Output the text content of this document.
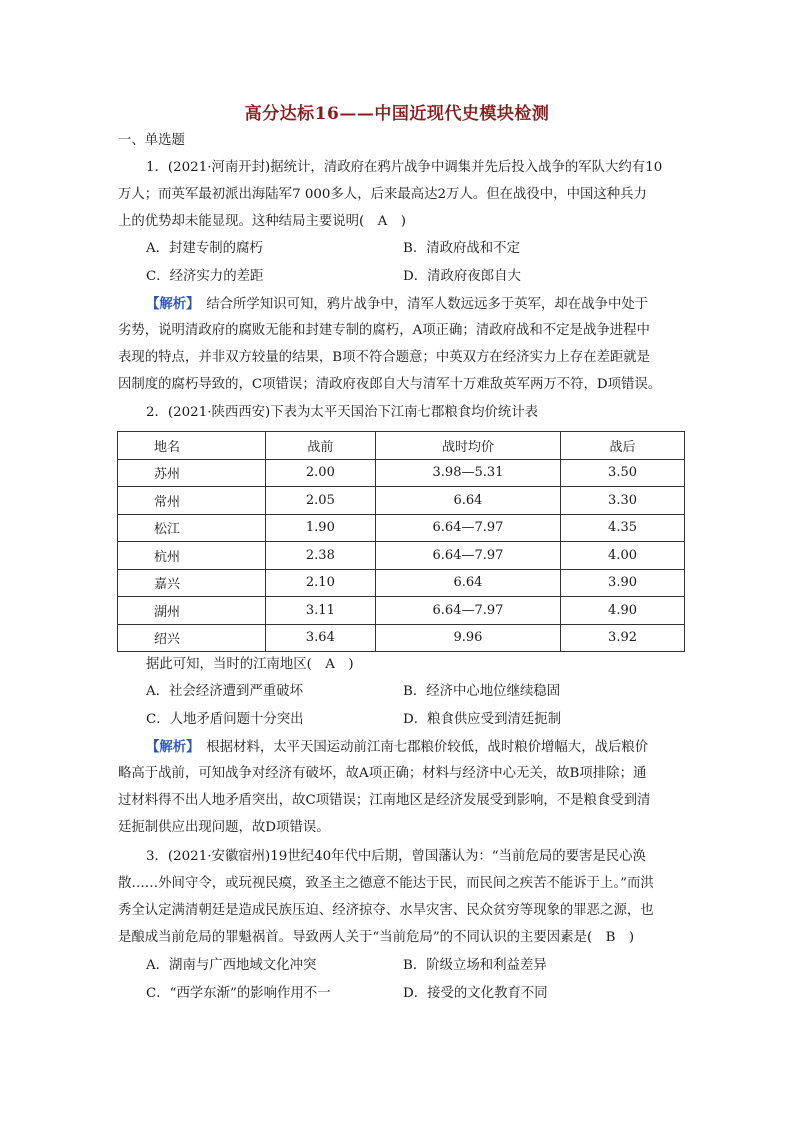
高分达标16——中国近现代史模块检测
一、单选题
1．(2021·河南开封)据统计，清政府在鸦片战争中调集并先后投入战争的军队大约有10
万人；而英军最初派出海陆军7 000多人，后来最高达2万人。但在战役中，中国这种兵力
上的优势却未能显现。这种结局主要说明(　A　)
A．封建专制的腐朽	B．清政府战和不定
C．经济实力的差距	D．清政府夜郎自大
【解析】　结合所学知识可知，鸦片战争中，清军人数远远多于英军，却在战争中处于
劣势，说明清政府的腐败无能和封建专制的腐朽，A项正确；清政府战和不定是战争进程中
表现的特点，并非双方较量的结果，B项不符合题意；中英双方在经济实力上存在差距就是
因制度的腐朽导致的，C项错误；清政府夜郎自大与清军十万难敌英军两万不符，D项错误。
2．(2021·陕西西安)下表为太平天国治下江南七郡粮食均价统计表
地名	战前	战时均价	战后
苏州	2.00	3.98—5.31	3.50
常州	2.05	6.64	3.30
松江	1.90	6.64—7.97	4.35
杭州	2.38	6.64—7.97	4.00
嘉兴	2.10	6.64	3.90
湖州	3.11	6.64—7.97	4.90
绍兴	3.64	9.96	3.92
据此可知，当时的江南地区(　A　)
A．社会经济遭到严重破坏	B．经济中心地位继续稳固
C．人地矛盾问题十分突出	D．粮食供应受到清廷扼制
【解析】　根据材料，太平天国运动前江南七郡粮价较低，战时粮价增幅大，战后粮价
略高于战前，可知战争对经济有破坏，故A项正确；材料与经济中心无关，故B项排除；通
过材料得不出人地矛盾突出，故C项错误；江南地区是经济发展受到影响，不是粮食受到清
廷扼制供应出现问题，故D项错误。
3．(2021·安徽宿州)19世纪40年代中后期，曾国藩认为：“当前危局的要害是民心涣
散……外间守令，或玩视民瘼，致圣主之德意不能达于民，而民间之疾苦不能诉于上。”而洪
秀全认定满清朝廷是造成民族压迫、经济掠夺、水旱灾害、民众贫穷等现象的罪恶之源，也
是酿成当前危局的罪魁祸首。导致两人关于“当前危局”的不同认识的主要因素是(　B　)
A．湖南与广西地域文化冲突	B．阶级立场和利益差异
C．“西学东渐”的影响作用不一	D．接受的文化教育不同
